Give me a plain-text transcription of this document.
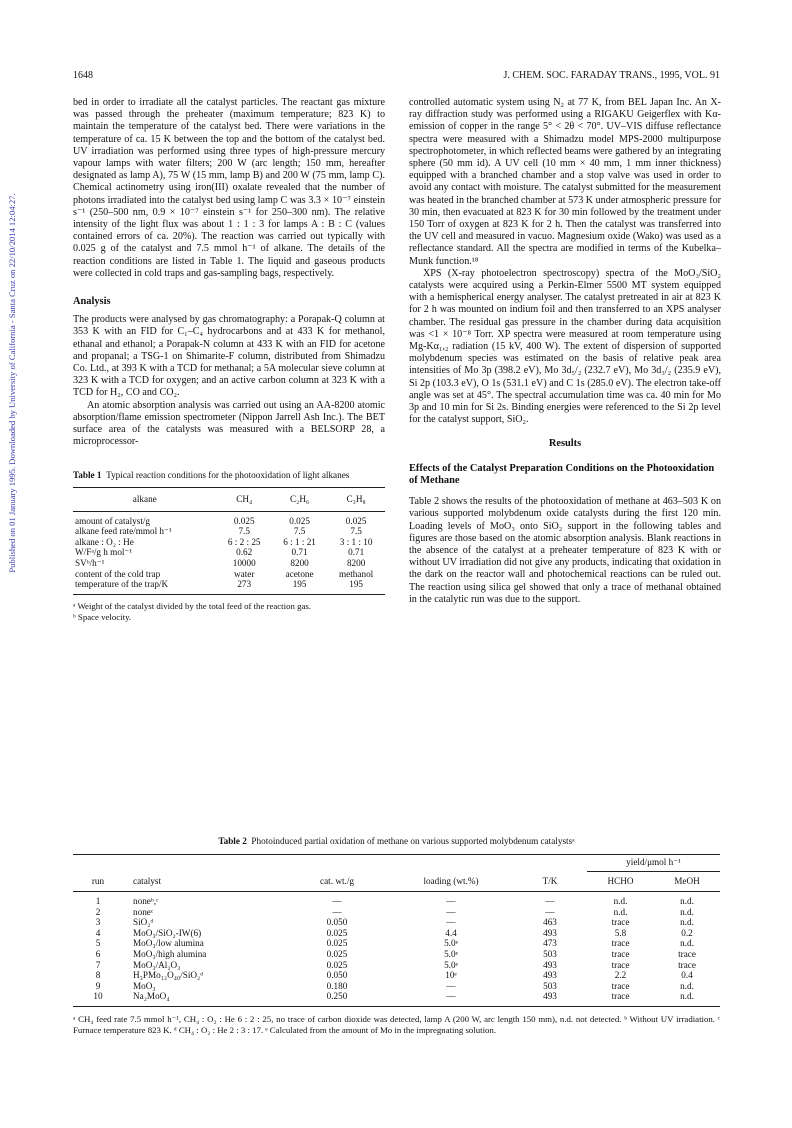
Published on 01 January 1995. Downloaded by University of California - Santa Cruz on 22/10/2014 12:04:27.
1648	J. CHEM. SOC. FARADAY TRANS., 1995, VOL. 91

bed in order to irradiate all the catalyst particles. The reactant gas mixture was passed through the preheater (maximum temperature; 823 K) to maintain the temperature of the catalyst bed. There were variations in the temperature of ca. 15 K between the top and the bottom of the catalyst bed. UV irradiation was performed using three types of high-pressure mercury vapour lamps with water filters; 200 W (arc length; 150 mm, hereafter designated as lamp A), 75 W (15 mm, lamp B) and 200 W (75 mm, lamp C). Chemical actinometry using iron(III) oxalate revealed that the number of photons irradiated into the catalyst bed using lamp C was 3.3 × 10⁻⁷ einstein s⁻¹ (250–500 nm, 0.9 × 10⁻⁷ einstein s⁻¹ for 250–300 nm). The relative intensity of the light flux was about 1 : 1 : 3 for lamps A : B : C (values contained errors of ca. 20%). The reaction was carried out typically with 0.025 g of the catalyst and 7.5 mmol h⁻¹ of alkane. The details of the reaction conditions are listed in Table 1. The liquid and gaseous products were collected in cold traps and gas-sampling bags, respectively.

Analysis

The products were analysed by gas chromatography: a Porapak-Q column at 353 K with an FID for C₁–C₄ hydrocarbons and at 433 K for methanol, ethanal and ethanol; a Porapak-N column at 433 K with an FID for acetone and propanal; a TSG-1 on Shimarite-F column, distributed from Shimadzu Co. Ltd., at 393 K with a TCD for methanal; a 5A molecular sieve column at 323 K with a TCD for oxygen; and an active carbon column at 323 K with a TCD for H₂, CO and CO₂.

An atomic absorption analysis was carried out using an AA-8200 atomic absorption/flame emission spectrometer (Nippon Jarrell Ash Inc.). The BET surface area of the catalysts was measured with a BELSORP 28, a microprocessor-

Table 1 Typical reaction conditions for the photooxidation of light alkanes
alkane	CH₄	C₂H₆	C₃H₈
amount of catalyst/g	0.025	0.025	0.025
alkane feed rate/mmol h⁻¹	7.5	7.5	7.5
alkane : O₂ : He	6 : 2 : 25	6 : 1 : 21	3 : 1 : 10
W/Fᵃ/g h mol⁻¹	0.62	0.71	0.71
SVᵇ/h⁻¹	10000	8200	8200
content of the cold trap	water	acetone	methanol
temperature of the trap/K	273	195	195
ᵃ Weight of the catalyst divided by the total feed of the reaction gas.
ᵇ Space velocity.

controlled automatic system using N₂ at 77 K, from BEL Japan Inc. An X-ray diffraction study was performed using a RIGAKU Geigerflex with Kα-emission of copper in the range 5° < 2θ < 70°. UV–VIS diffuse reflectance spectra were measured with a Shimadzu model MPS-2000 multipurpose spectrophotometer, in which reflected beams were gathered by an integrating sphere (50 mm id). A UV cell (10 mm × 40 mm, 1 mm inner thickness) equipped with a branched chamber and a stop valve was used in order to avoid any contact with moisture. The catalyst submitted for the measurement was heated in the branched chamber at 573 K under atmospheric pressure for 30 min, then evacuated at 823 K for 30 min followed by the treatment under 150 Torr of oxygen at 823 K for 2 h. Then the catalyst was transferred into the UV cell and measured in vacuo. Magnesium oxide (Wako) was used as a reflectance standard. All the spectra are modified in terms of the Kubelka–Munk function.¹⁸

XPS (X-ray photoelectron spectroscopy) spectra of the MoO₃/SiO₂ catalysts were acquired using a Perkin-Elmer 5500 MT system equipped with a hemispherical energy analyser. The catalyst pretreated in air at 823 K for 2 h was mounted on indium foil and then transferred to an XPS analyser chamber. The residual gas pressure in the chamber during data acquisition was <1 × 10⁻⁸ Torr. XP spectra were measured at room temperature using Mg-Kα₁,₂ radiation (15 kV, 400 W). The extent of dispersion of supported molybdenum species was estimated on the basis of relative peak area intensities of Mo 3p (398.2 eV), Mo 3d₅/₂ (232.7 eV), Mo 3d₃/₂ (235.9 eV), Si 2p (103.3 eV), O 1s (531.1 eV) and C 1s (285.0 eV). The electron take-off angle was set at 45°. The spectral accumulation time was ca. 40 min for Mo 3p and 10 min for Si 2s. Binding energies were referenced to the Si 2p level for the catalyst support, SiO₂.

Results
Effects of the Catalyst Preparation Conditions on the Photooxidation of Methane

Table 2 shows the results of the photooxidation of methane at 463–503 K on various supported molybdenum oxide catalysts during the first 120 min. Loading levels of MoO₃ onto SiO₂ support in the following tables and figures are those based on the atomic absorption analysis. Blank reactions in the absence of the catalyst at a preheater temperature of 823 K with or without UV irradiation did not give any products, indicating that oxidation in the dark on the reactor wall and photochemical reactions can be ruled out. The reaction using silica gel showed that only a trace of methanal obtained in the catalytic run was due to the support.

Table 2 Photoinduced partial oxidation of methane on various supported molybdenum catalystsᵃ
					yield/μmol h⁻¹	
run	catalyst	cat. wt./g	loading (wt.%)	T/K	HCHO	MeOH
1	noneᵇ,ᶜ	—	—	—	n.d.	n.d.
2	noneᶜ	—	—	—	n.d.	n.d.
3	SiO₂ᵈ	0.050	—	463	trace	n.d.
4	MoO₃/SiO₂-IW(6)	0.025	4.4	493	5.8	0.2
5	MoO₃/low alumina	0.025	5.0ᵉ	473	trace	n.d.
6	MoO₃/high alumina	0.025	5.0ᵉ	503	trace	trace
7	MoO₃/Al₂O₃	0.025	5.0ᵉ	493	trace	trace
8	H₃PMo₁₂O₄₀/SiO₂ᵈ	0.050	10ᵉ	493	2.2	0.4
9	MoO₃	0.180	—	503	trace	n.d.
10	Na₂MoO₄	0.250	—	493	trace	n.d.
ᵃ CH₄ feed rate 7.5 mmol h⁻¹, CH₄ : O₂ : He 6 : 2 : 25, no trace of carbon dioxide was detected, lamp A (200 W, arc length 150 mm), n.d. not detected. ᵇ Without UV irradiation. ᶜ Furnace temperature 823 K. ᵈ CH₄ : O₂ : He 2 : 3 : 17. ᵉ Calculated from the amount of Mo in the impregnating solution.
